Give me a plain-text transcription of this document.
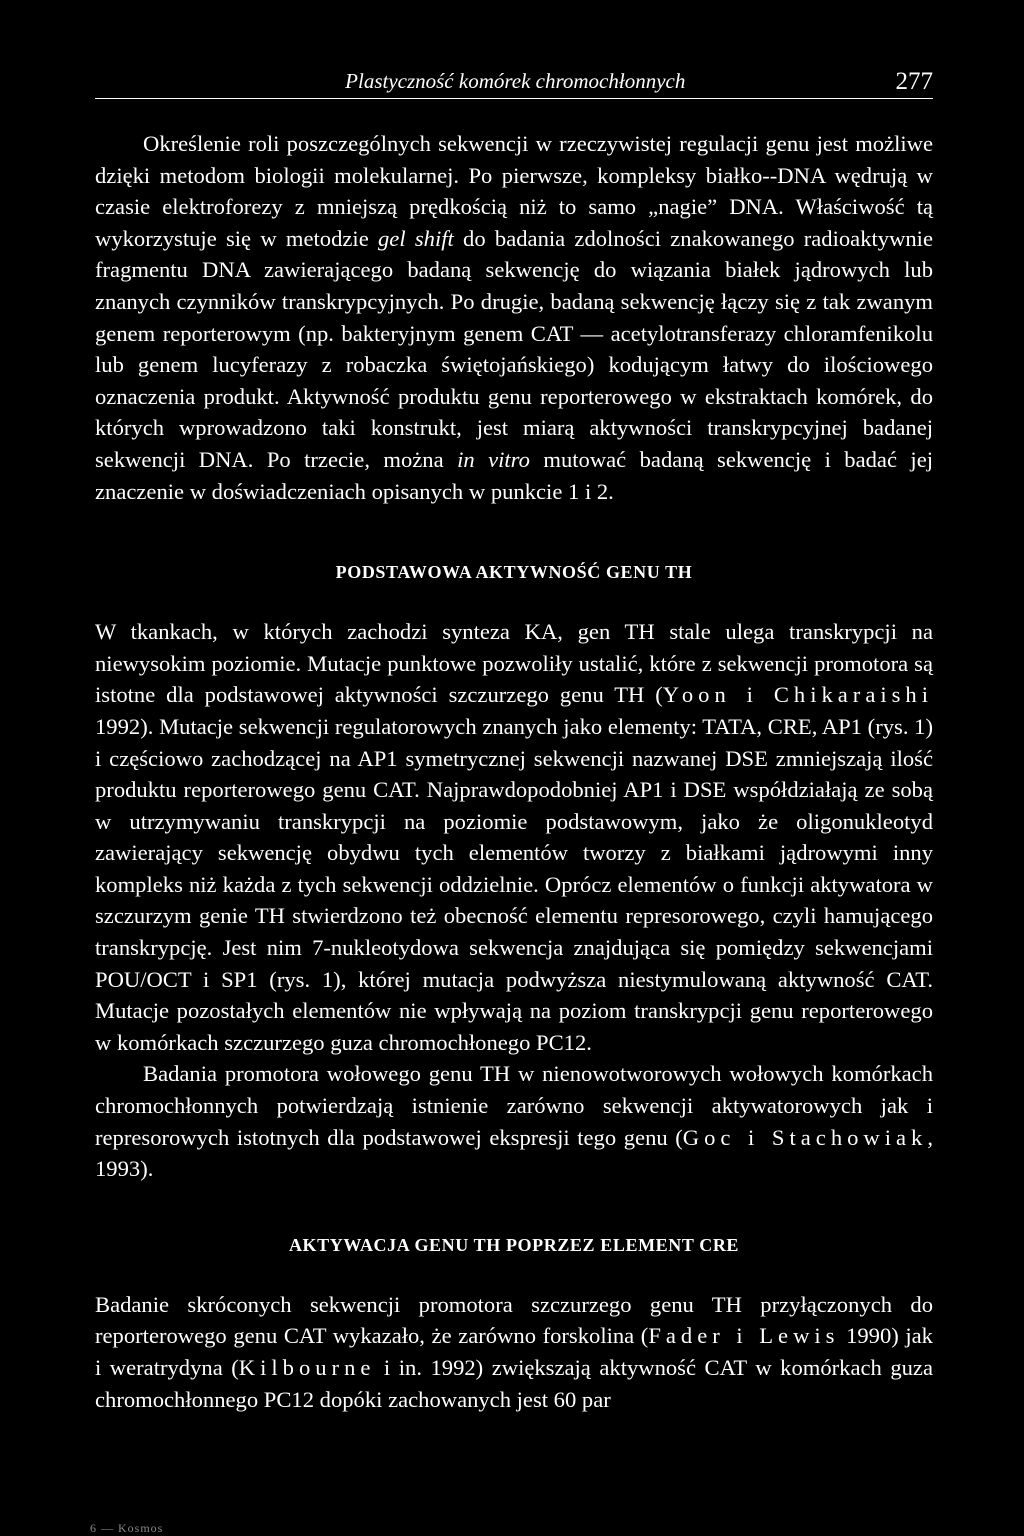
Plastyczność komórek chromochłonnych	277

Określenie roli poszczególnych sekwencji w rzeczywistej regulacji genu jest możliwe dzięki metodom biologii molekularnej. Po pierwsze, kompleksy białko--DNA wędrują w czasie elektroforezy z mniejszą prędkością niż to samo „nagie” DNA. Właściwość tą wykorzystuje się w metodzie gel shift do badania zdolności znakowanego radioaktywnie fragmentu DNA zawierającego badaną sekwencję do wiązania białek jądrowych lub znanych czynników transkrypcyjnych. Po drugie, badaną sekwencję łączy się z tak zwanym genem reporterowym (np. bakteryjnym genem CAT — acetylotransferazy chloramfenikolu lub genem lucyferazy z robaczka świętojańskiego) kodującym łatwy do ilościowego oznaczenia produkt. Aktywność produktu genu reporterowego w ekstraktach komórek, do których wprowadzono taki konstrukt, jest miarą aktywności transkrypcyjnej badanej sekwencji DNA. Po trzecie, można in vitro mutować badaną sekwencję i badać jej znaczenie w doświadczeniach opisanych w punkcie 1 i 2.

PODSTAWOWA AKTYWNOŚĆ GENU TH

W tkankach, w których zachodzi synteza KA, gen TH stale ulega transkrypcji na niewysokim poziomie. Mutacje punktowe pozwoliły ustalić, które z sekwencji promotora są istotne dla podstawowej aktywności szczurzego genu TH (Yoon i Chikaraishi 1992). Mutacje sekwencji regulatorowych znanych jako elementy: TATA, CRE, AP1 (rys. 1) i częściowo zachodzącej na AP1 symetrycznej sekwencji nazwanej DSE zmniejszają ilość produktu reporterowego genu CAT. Najprawdopodobniej AP1 i DSE współdziałają ze sobą w utrzymywaniu transkrypcji na poziomie podstawowym, jako że oligonukleotyd zawierający sekwencję obydwu tych elementów tworzy z białkami jądrowymi inny kompleks niż każda z tych sekwencji oddzielnie. Oprócz elementów o funkcji aktywatora w szczurzym genie TH stwierdzono też obecność elementu represorowego, czyli hamującego transkrypcję. Jest nim 7-nukleotydowa sekwencja znajdująca się pomiędzy sekwencjami POU/OCT i SP1 (rys. 1), której mutacja podwyższa niestymulowaną aktywność CAT. Mutacje pozostałych elementów nie wpływają na poziom transkrypcji genu reporterowego w komórkach szczurzego guza chromochłonego PC12.

Badania promotora wołowego genu TH w nienowotworowych wołowych komórkach chromochłonnych potwierdzają istnienie zarówno sekwencji aktywatorowych jak i represorowych istotnych dla podstawowej ekspresji tego genu (Goc i Stachowiak, 1993).

AKTYWACJA GENU TH POPRZEZ ELEMENT CRE

Badanie skróconych sekwencji promotora szczurzego genu TH przyłączonych do reporterowego genu CAT wykazało, że zarówno forskolina (Fader i Lewis 1990) jak i weratrydyna (Kilbourne i in. 1992) zwiększają aktywność CAT w komórkach guza chromochłonnego PC12 dopóki zachowanych jest 60 par

6 — Kosmos
